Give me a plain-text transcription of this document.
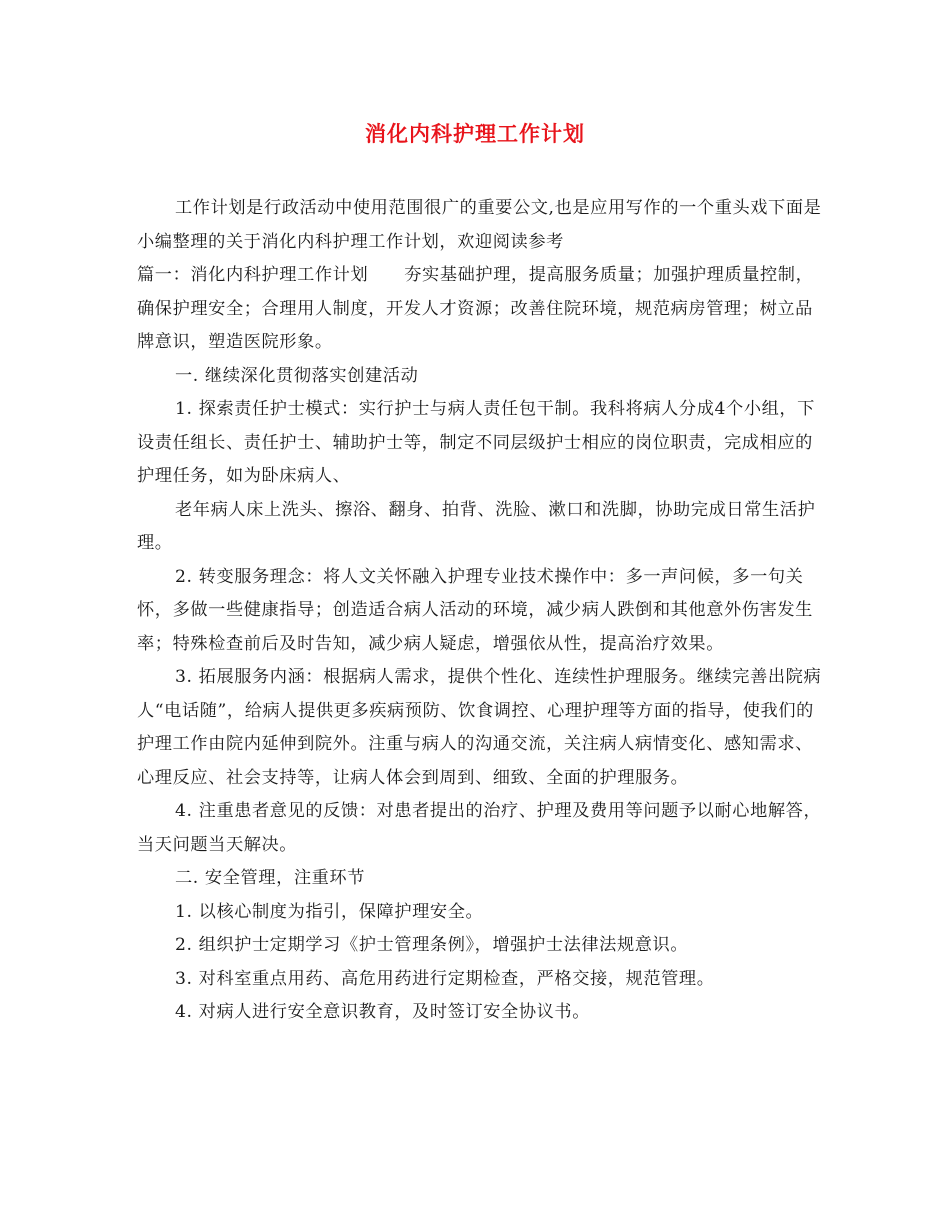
消化内科护理工作计划

工作计划是行政活动中使用范围很广的重要公文,也是应用写作的一个重头戏下面是小编整理的关于消化内科护理工作计划，欢迎阅读参考

篇一：消化内科护理工作计划 夯实基础护理，提高服务质量；加强护理质量控制，确保护理安全；合理用人制度，开发人才资源；改善住院环境，规范病房管理；树立品牌意识，塑造医院形象。

一. 继续深化贯彻落实创建活动

1. 探索责任护士模式：实行护士与病人责任包干制。我科将病人分成4个小组，下设责任组长、责任护士、辅助护士等，制定不同层级护士相应的岗位职责，完成相应的护理任务，如为卧床病人、

老年病人床上洗头、擦浴、翻身、拍背、洗脸、漱口和洗脚，协助完成日常生活护理。

2. 转变服务理念：将人文关怀融入护理专业技术操作中：多一声问候，多一句关怀，多做一些健康指导；创造适合病人活动的环境，减少病人跌倒和其他意外伤害发生率；特殊检查前后及时告知，减少病人疑虑，增强依从性，提高治疗效果。

3. 拓展服务内涵：根据病人需求，提供个性化、连续性护理服务。继续完善出院病人“电话随”，给病人提供更多疾病预防、饮食调控、心理护理等方面的指导，使我们的护理工作由院内延伸到院外。注重与病人的沟通交流，关注病人病情变化、感知需求、心理反应、社会支持等，让病人体会到周到、细致、全面的护理服务。

4. 注重患者意见的反馈：对患者提出的治疗、护理及费用等问题予以耐心地解答，当天问题当天解决。

二. 安全管理，注重环节

1. 以核心制度为指引，保障护理安全。

2. 组织护士定期学习《护士管理条例》，增强护士法律法规意识。

3. 对科室重点用药、高危用药进行定期检查，严格交接，规范管理。

4. 对病人进行安全意识教育，及时签订安全协议书。
